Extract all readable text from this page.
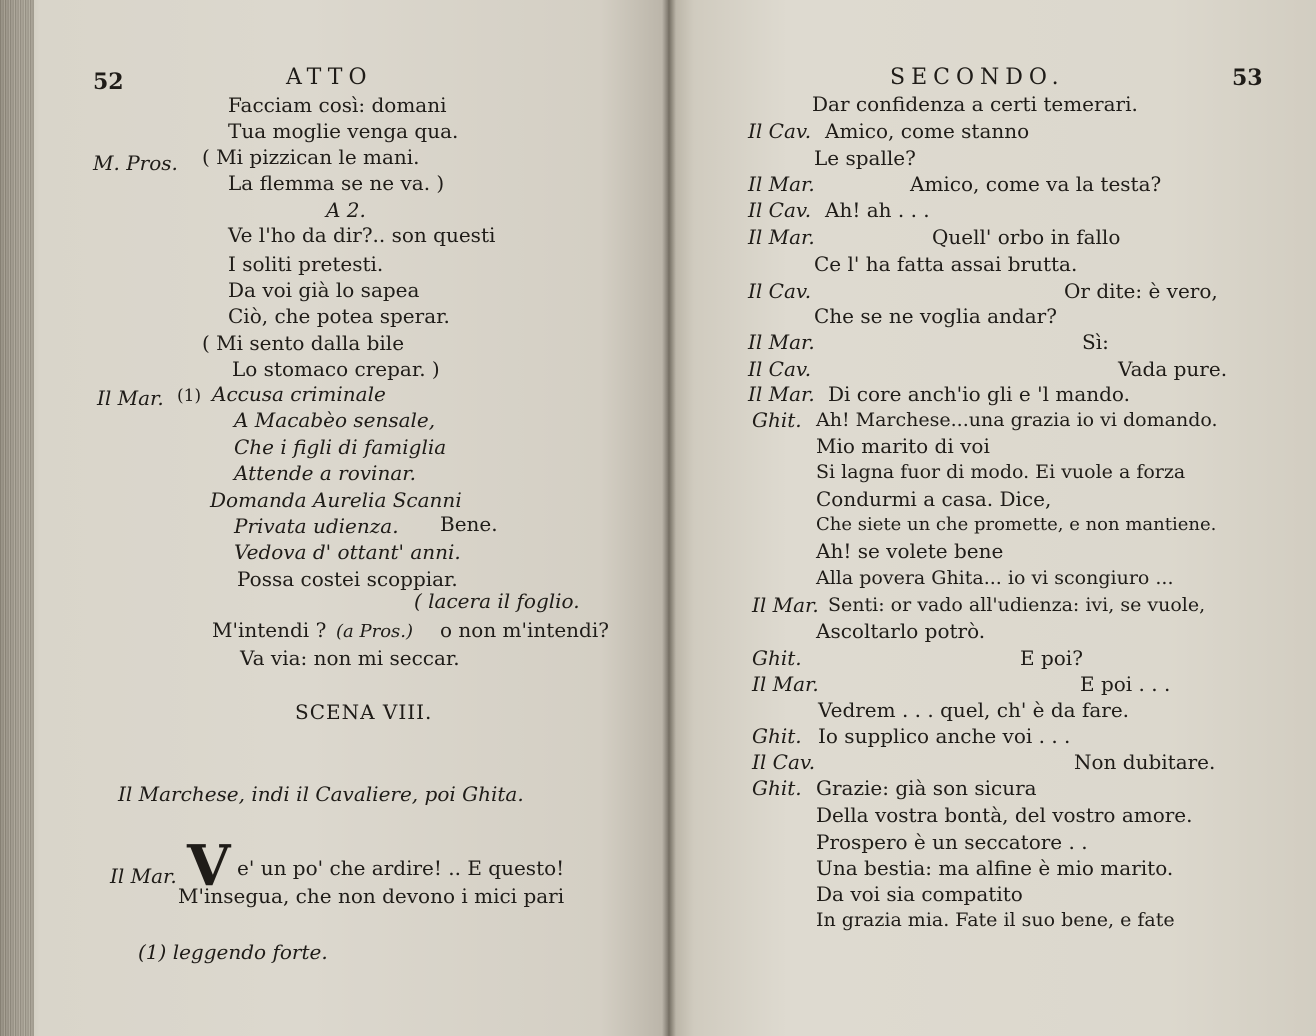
52	ATTO
Facciam così: domani
Tua moglie venga qua.
M. Pros. ( Mi pizzican le mani.
La flemma se ne va. )
A 2.
Ve l'ho da dir?.. son questi
I soliti pretesti.
Da voi già lo sapea
Ciò, che potea sperar.
( Mi sento dalla bile
Lo stomaco crepar. )
Il Mar. (1) Accusa criminale
A Macabèo sensale,
Che i figli di famiglia
Attende a rovinar.
Domanda Aurelia Scanni
Privata udienza. Bene.
Vedova d' ottant' anni.
Possa costei scoppiar.
( lacera il foglio.
M'intendi ? (a Pros.) o non m'intendi?
Va via: non mi seccar.
SCENA VIII.
Il Marchese, indi il Cavaliere, poi Ghita.
Il Mar. V e' un po' che ardire! .. E questo!
M'insegua, che non devono i mici pari
(1) leggendo forte.
SECONDO.	53
Dar confidenza a certi temerari.
Il Cav. Amico, come stanno
Le spalle?
Il Mar.	Amico, come va la testa?
Il Cav. Ah! ah . . .
Il Mar.	Quell' orbo in fallo
Ce l' ha fatta assai brutta.
Il Cav.	Or dite: è vero,
Che se ne voglia andar?
Il Mar.	Sì:
Il Cav.	Vada pure.
Il Mar. Di core anch'io gli e 'l mando.
Ghit. Ah! Marchese...una grazia io vi domando.
Mio marito di voi
Si lagna fuor di modo. Ei vuole a forza
Condurmi a casa. Dice,
Che siete un che promette, e non mantiene.
Ah! se volete bene
Alla povera Ghita... io vi scongiuro ...
Il Mar. Senti: or vado all'udienza: ivi, se vuole,
Ascoltarlo potrò.
Ghit.	E poi?
Il Mar.	E poi . . .
Vedrem . . . quel, ch' è da fare.
Ghit. Io supplico anche voi . . .
Il Cav.	Non dubitare.
Ghit. Grazie: già son sicura
Della vostra bontà, del vostro amore.
Prospero è un seccatore . .
Una bestia: ma alfine è mio marito.
Da voi sia compatito
In grazia mia. Fate il suo bene, e fate
